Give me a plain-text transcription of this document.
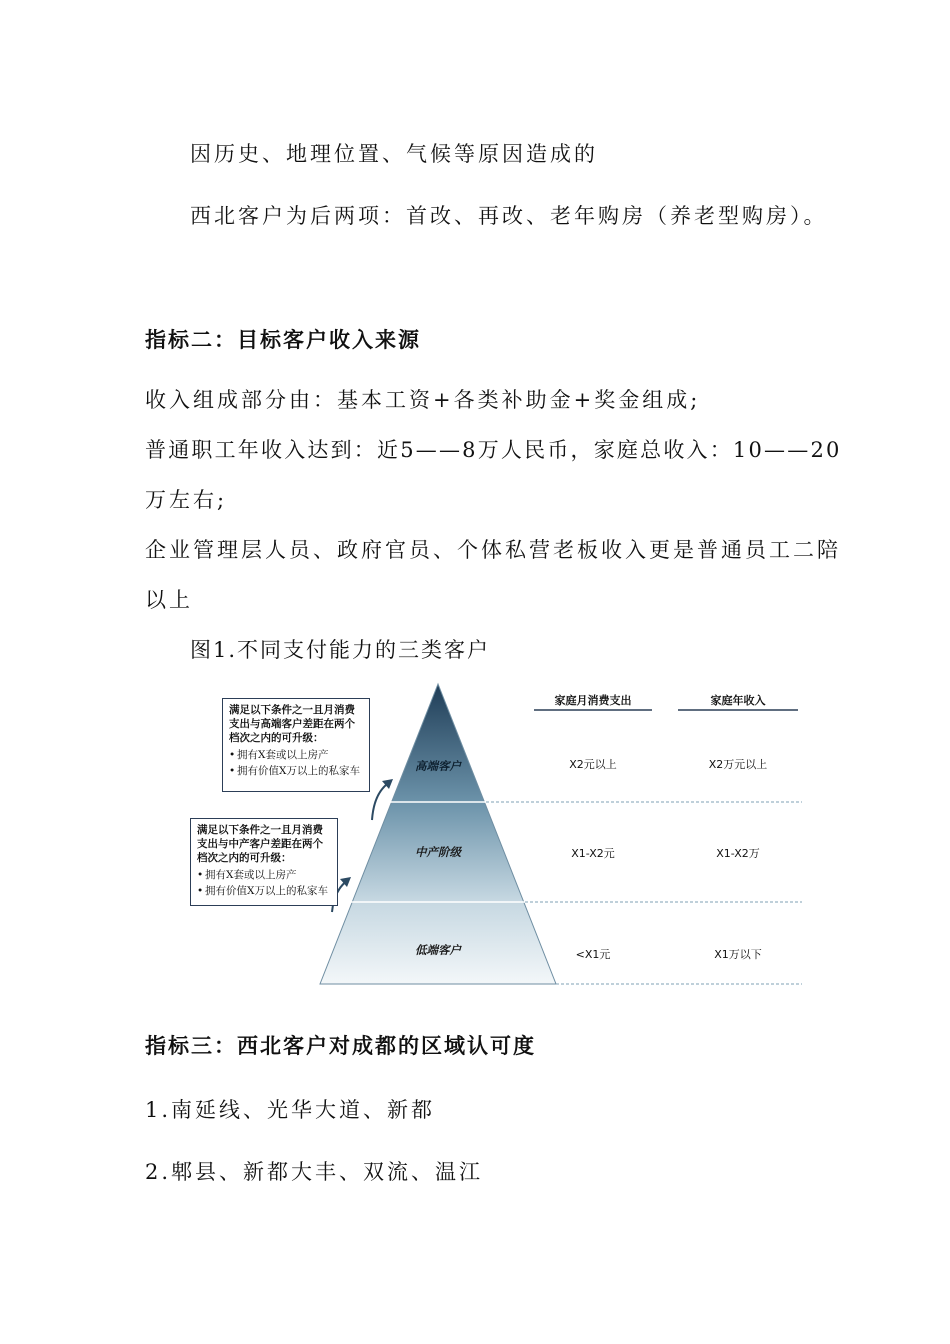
因历史、地理位置、气候等原因造成的

西北客户为后两项：首改、再改、老年购房（养老型购房）。

指标二：目标客户收入来源

收入组成部分由：基本工资+各类补助金+奖金组成;

普通职工年收入达到：近5——8万人民币，家庭总收入：10——20

万左右;

企业管理层人员、政府官员、个体私营老板收入更是普通员工二陪

以上

图1.不同支付能力的三类客户

满足以下条件之一且月消费支出与高端客户差距在两个档次之内的可升级：
• 拥有X套或以上房产
• 拥有价值X万以上的私家车
满足以下条件之一且月消费支出与中产客户差距在两个档次之内的可升级：
• 拥有X套或以上房产
• 拥有价值X万以上的私家车
高端客户
中产阶级
低端客户
家庭月消费支出	家庭年收入
X2元以上	X2万元以上
X1-X2元	X1-X2万
<X1元	X1万以下

指标三：西北客户对成都的区域认可度

1.南延线、光华大道、新都

2.郫县、新都大丰、双流、温江
